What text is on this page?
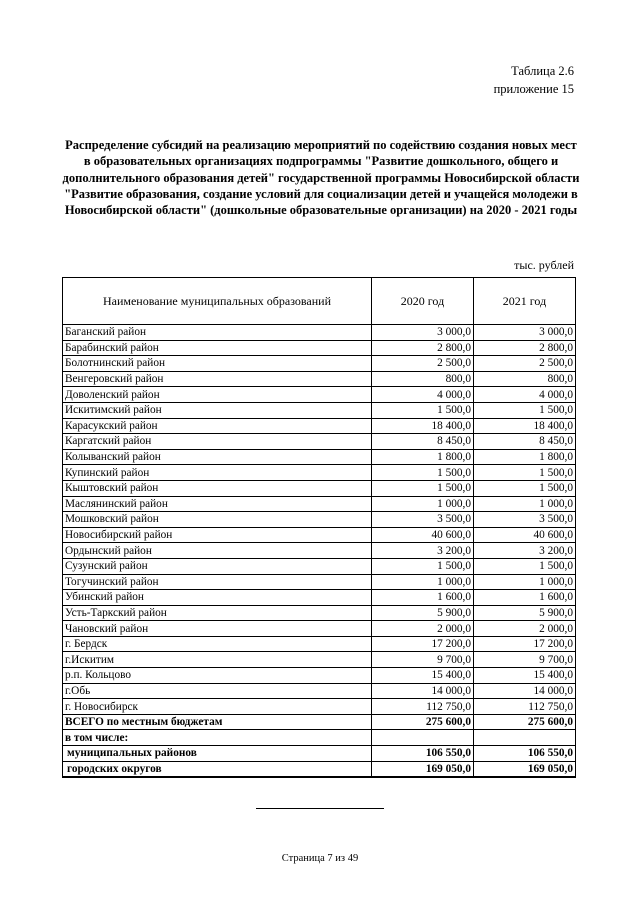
Таблица 2.6
приложение 15
Распределение субсидий на реализацию мероприятий по содействию создания новых мест в образовательных организациях подпрограммы "Развитие дошкольного, общего и дополнительного образования детей" государственной программы Новосибирской области "Развитие образования, создание условий для социализации детей и учащейся молодежи в Новосибирской области" (дошкольные образовательные организации) на 2020 - 2021 годы
тыс. рублей
Наименование муниципальных образований	2020 год	2021 год
Баганский район	3 000,0	3 000,0
Барабинский район	2 800,0	2 800,0
Болотнинский район	2 500,0	2 500,0
Венгеровский район	800,0	800,0
Доволенский район	4 000,0	4 000,0
Искитимский район	1 500,0	1 500,0
Карасукский район	18 400,0	18 400,0
Каргатский район	8 450,0	8 450,0
Колыванский район	1 800,0	1 800,0
Купинский район	1 500,0	1 500,0
Кыштовский район	1 500,0	1 500,0
Маслянинский район	1 000,0	1 000,0
Мошковский район	3 500,0	3 500,0
Новосибирский район	40 600,0	40 600,0
Ордынский район	3 200,0	3 200,0
Сузунский район	1 500,0	1 500,0
Тогучинский район	1 000,0	1 000,0
Убинский район	1 600,0	1 600,0
Усть-Таркский район	5 900,0	5 900,0
Чановский район	2 000,0	2 000,0
г. Бердск	17 200,0	17 200,0
г.Искитим	9 700,0	9 700,0
р.п. Кольцово	15 400,0	15 400,0
г.Обь	14 000,0	14 000,0
г. Новосибирск	112 750,0	112 750,0
ВСЕГО по местным бюджетам	275 600,0	275 600,0
в том числе:		
муниципальных районов	106 550,0	106 550,0
городских округов	169 050,0	169 050,0
Страница 7 из 49
